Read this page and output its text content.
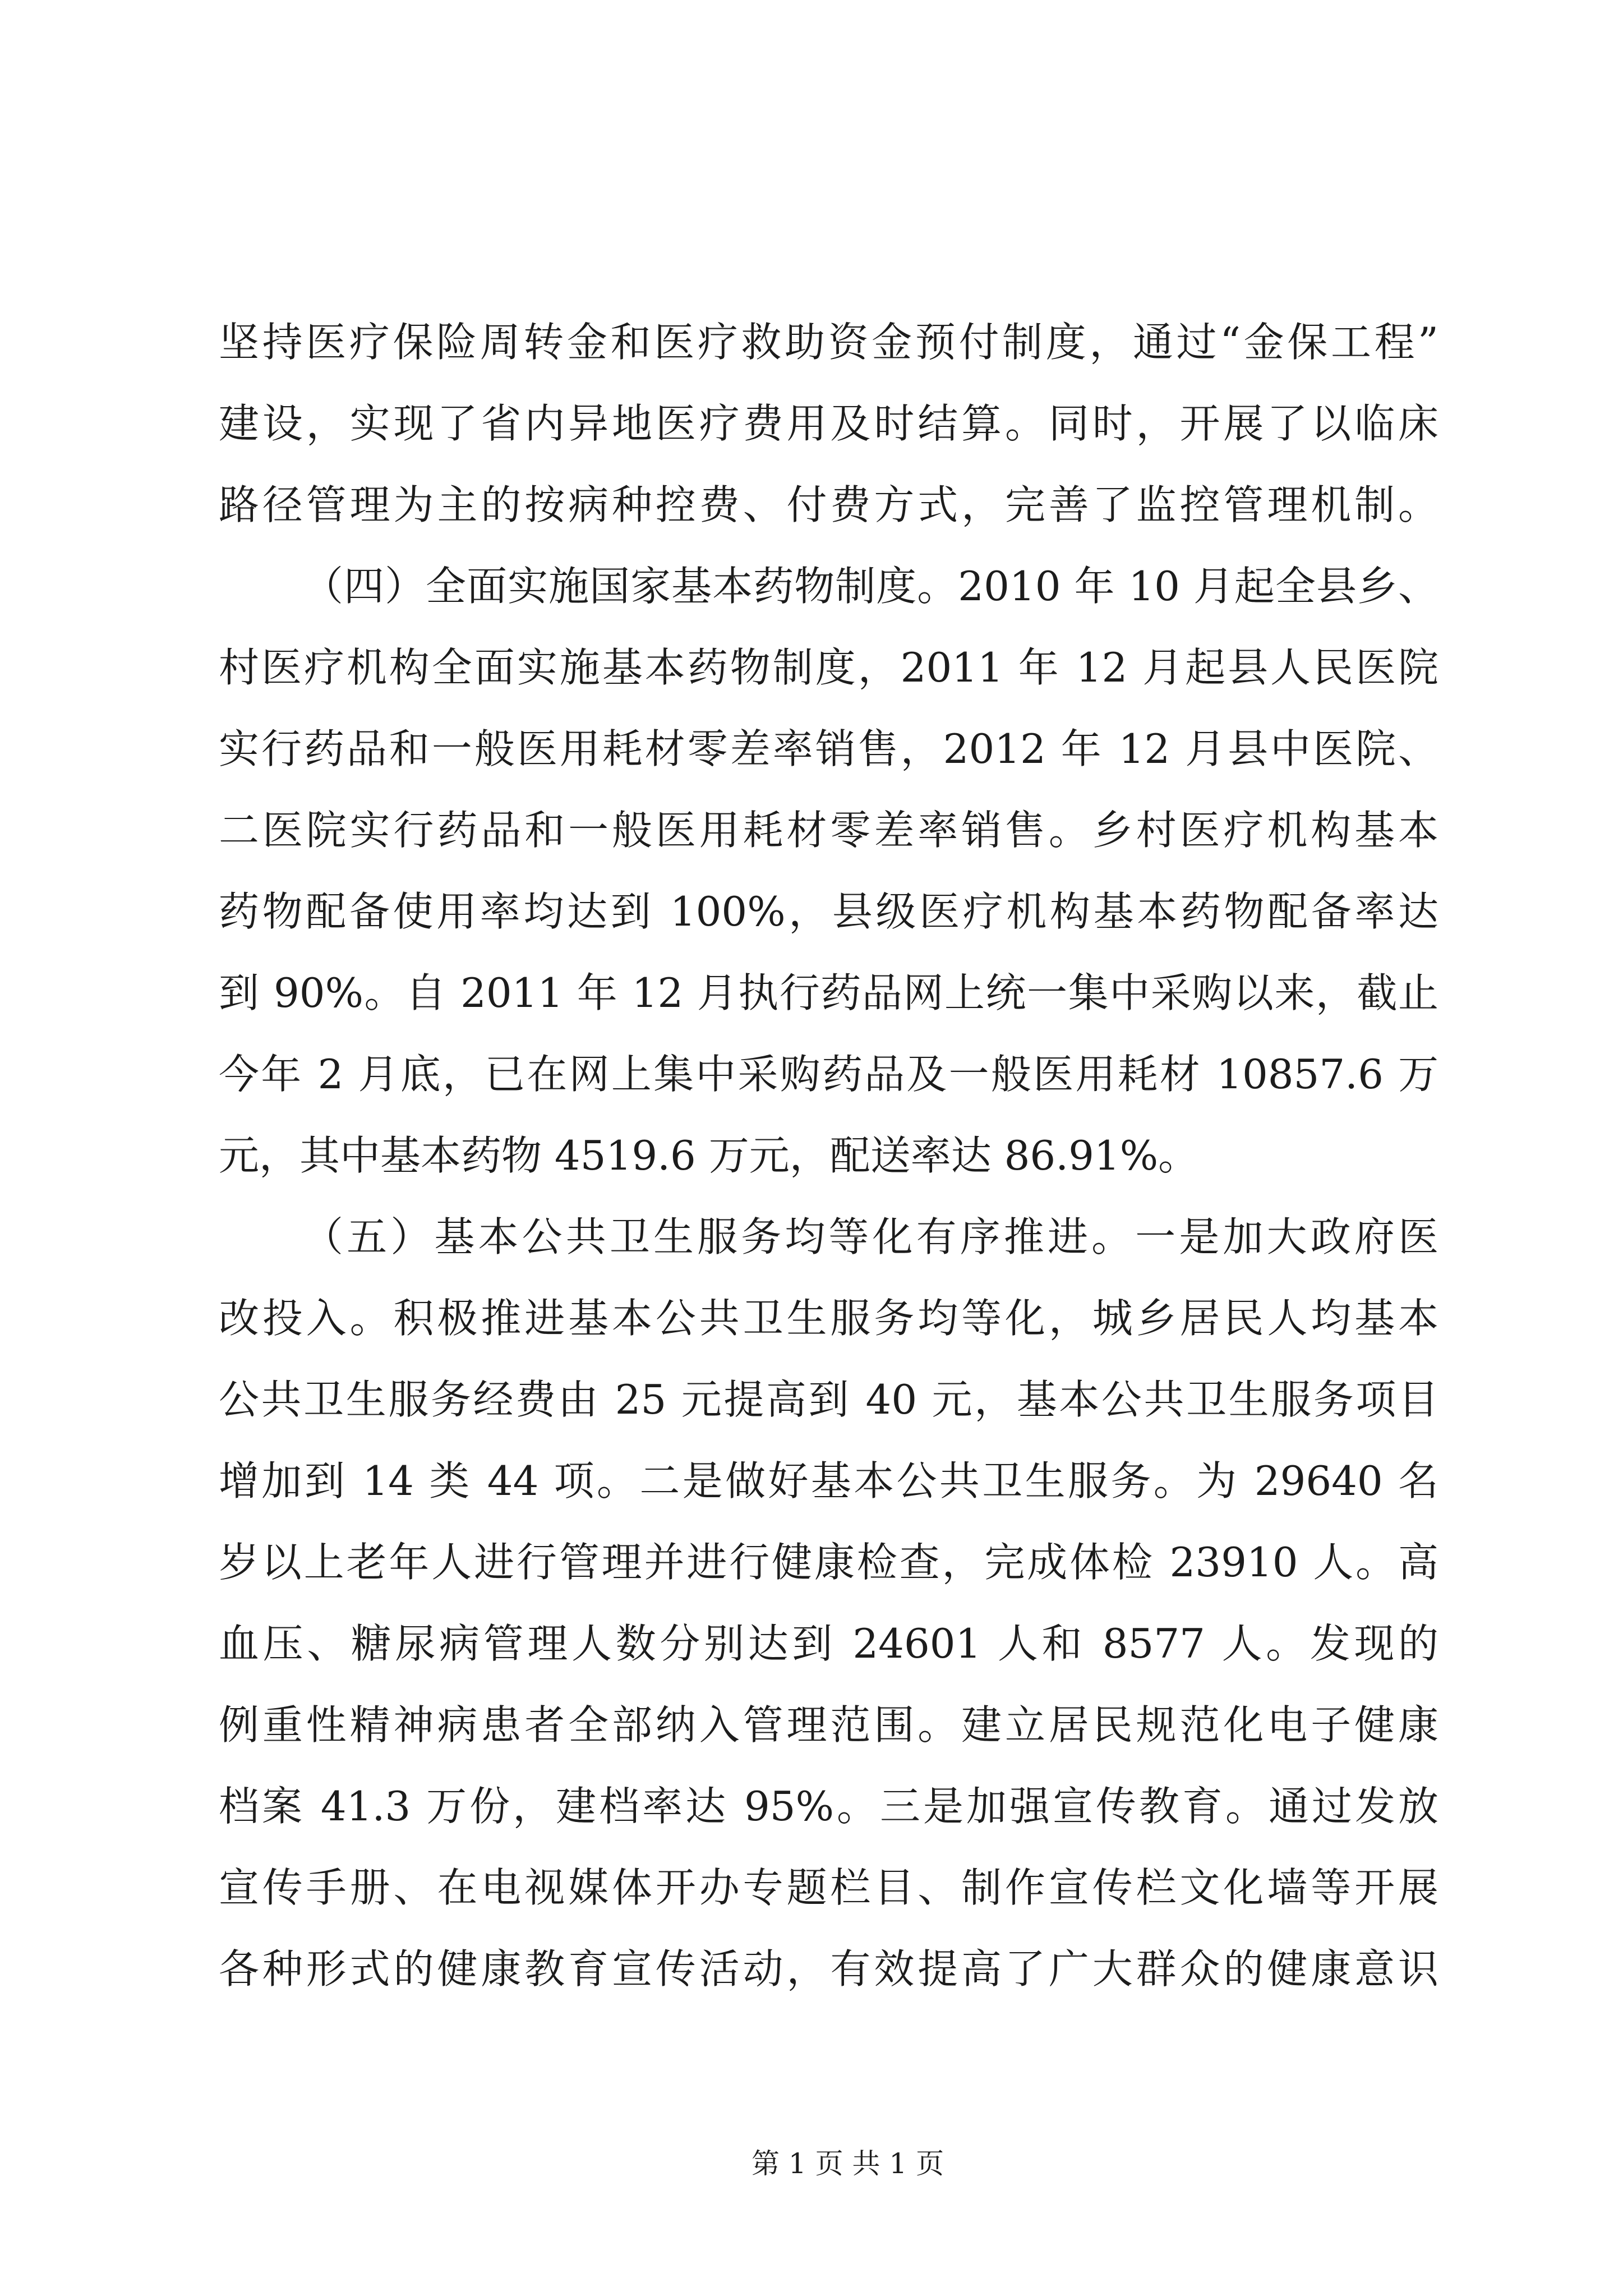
坚持医疗保险周转金和医疗救助资金预付制度，通过“金保工程”
建设，实现了省内异地医疗费用及时结算。同时，开展了以临床
路径管理为主的按病种控费、付费方式，完善了监控管理机制。
（四）全面实施国家基本药物制度。2010 年 10 月起全县乡、
村医疗机构全面实施基本药物制度，2011 年 12 月起县人民医院
实行药品和一般医用耗材零差率销售，2012 年 12 月县中医院、
二医院实行药品和一般医用耗材零差率销售。乡村医疗机构基本
药物配备使用率均达到 100%，县级医疗机构基本药物配备率达
到 90%。自 2011 年 12 月执行药品网上统一集中采购以来，截止
今年 2 月底，已在网上集中采购药品及一般医用耗材 10857.6 万
元，其中基本药物 4519.6 万元，配送率达 86.91%。
（五）基本公共卫生服务均等化有序推进。一是加大政府医
改投入。积极推进基本公共卫生服务均等化，城乡居民人均基本
公共卫生服务经费由 25 元提高到 40 元，基本公共卫生服务项目
增加到 14 类 44 项。二是做好基本公共卫生服务。为 29640 名
岁以上老年人进行管理并进行健康检查，完成体检 23910 人。高
血压、糖尿病管理人数分别达到 24601 人和 8577 人。发现的
例重性精神病患者全部纳入管理范围。建立居民规范化电子健康
档案 41.3 万份，建档率达 95%。三是加强宣传教育。通过发放
宣传手册、在电视媒体开办专题栏目、制作宣传栏文化墙等开展
各种形式的健康教育宣传活动，有效提高了广大群众的健康意识
第 1 页 共 1 页
